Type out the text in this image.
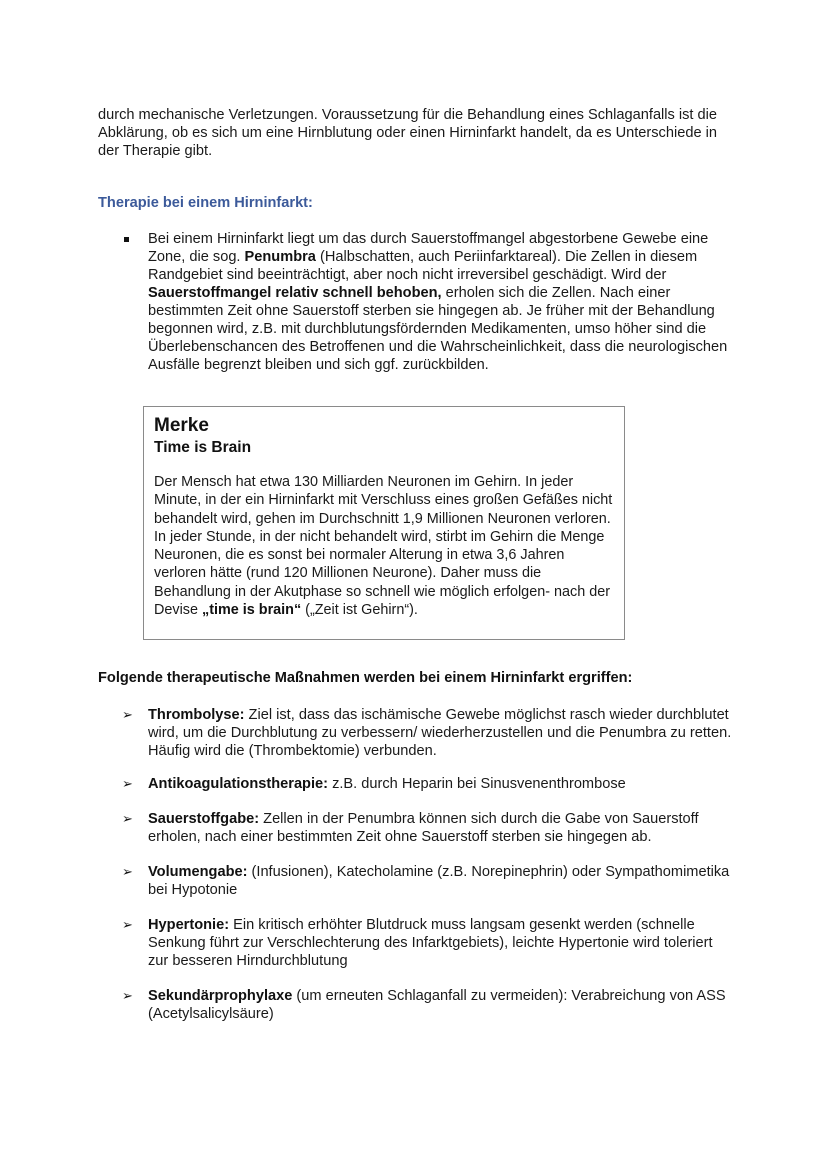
durch mechanische Verletzungen. Voraussetzung für die Behandlung eines Schlaganfalls ist die Abklärung, ob es sich um eine Hirnblutung oder einen Hirninfarkt handelt, da es Unterschiede in der Therapie gibt.

Therapie bei einem Hirninfarkt:
Bei einem Hirninfarkt liegt um das durch Sauerstoffmangel abgestorbene Gewebe eine Zone, die sog. Penumbra (Halbschatten, auch Periinfarktareal). Die Zellen in diesem Randgebiet sind beeinträchtigt, aber noch nicht irreversibel geschädigt. Wird der Sauerstoffmangel relativ schnell behoben, erholen sich die Zellen. Nach einer bestimmten Zeit ohne Sauerstoff sterben sie hingegen ab. Je früher mit der Behandlung begonnen wird, z.B. mit durchblutungsfördernden Medikamenten, umso höher sind die Überlebenschancen des Betroffenen und die Wahrscheinlichkeit, dass die neurologischen Ausfälle begrenzt bleiben und sich ggf. zurückbilden.
Merke
Time is Brain

Der Mensch hat etwa 130 Milliarden Neuronen im Gehirn. In jeder Minute, in der ein Hirninfarkt mit Verschluss eines großen Gefäßes nicht behandelt wird, gehen im Durchschnitt 1,9 Millionen Neuronen verloren. In jeder Stunde, in der nicht behandelt wird, stirbt im Gehirn die Menge Neuronen, die es sonst bei normaler Alterung in etwa 3,6 Jahren verloren hätte (rund 120 Millionen Neurone). Daher muss die Behandlung in der Akutphase so schnell wie möglich erfolgen- nach der Devise „time is brain“ („Zeit ist Gehirn“).

Folgende therapeutische Maßnahmen werden bei einem Hirninfarkt ergriffen:
➢ Thrombolyse: Ziel ist, dass das ischämische Gewebe möglichst rasch wieder durchblutet wird, um die Durchblutung zu verbessern/ wiederherzustellen und die Penumbra zu retten. Häufig wird die (Thrombektomie) verbunden.
➢ Antikoagulationstherapie: z.B. durch Heparin bei Sinusvenenthrombose
➢ Sauerstoffgabe: Zellen in der Penumbra können sich durch die Gabe von Sauerstoff erholen, nach einer bestimmten Zeit ohne Sauerstoff sterben sie hingegen ab.
➢ Volumengabe: (Infusionen), Katecholamine (z.B. Norepinephrin) oder Sympathomimetika bei Hypotonie
➢ Hypertonie: Ein kritisch erhöhter Blutdruck muss langsam gesenkt werden (schnelle Senkung führt zur Verschlechterung des Infarktgebiets), leichte Hypertonie wird toleriert zur besseren Hirndurchblutung
➢ Sekundärprophylaxe (um erneuten Schlaganfall zu vermeiden): Verabreichung von ASS (Acetylsalicylsäure)
